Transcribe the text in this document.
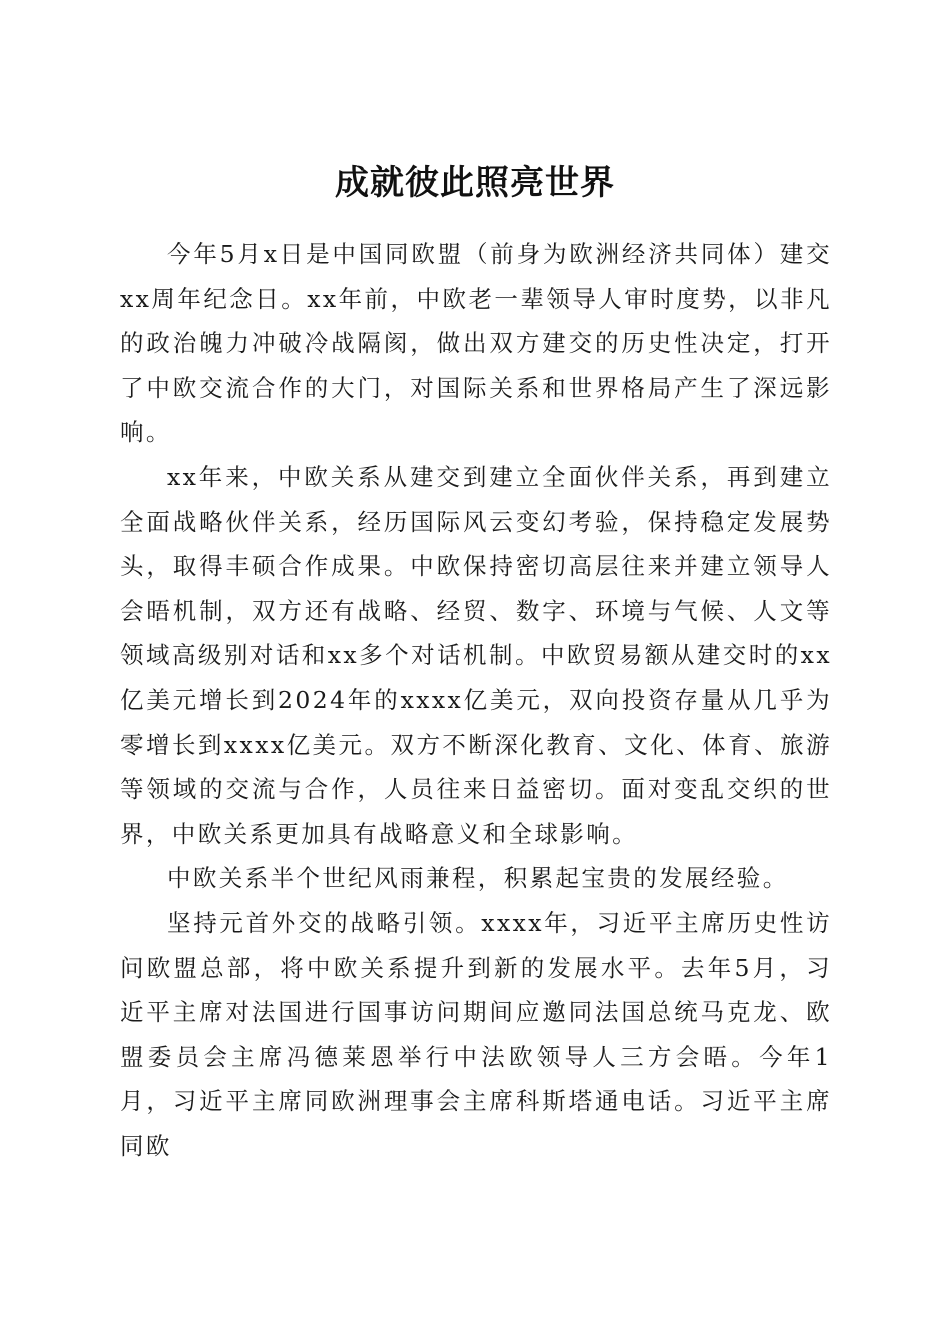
成就彼此照亮世界

今年5月x日是中国同欧盟（前身为欧洲经济共同体）建交xx周年纪念日。xx年前，中欧老一辈领导人审时度势，以非凡的政治魄力冲破冷战隔阂，做出双方建交的历史性决定，打开了中欧交流合作的大门，对国际关系和世界格局产生了深远影响。

xx年来，中欧关系从建交到建立全面伙伴关系，再到建立全面战略伙伴关系，经历国际风云变幻考验，保持稳定发展势头，取得丰硕合作成果。中欧保持密切高层往来并建立领导人会晤机制，双方还有战略、经贸、数字、环境与气候、人文等领域高级别对话和xx多个对话机制。中欧贸易额从建交时的xx亿美元增长到2024年的xxxx亿美元，双向投资存量从几乎为零增长到xxxx亿美元。双方不断深化教育、文化、体育、旅游等领域的交流与合作，人员往来日益密切。面对变乱交织的世界，中欧关系更加具有战略意义和全球影响。

中欧关系半个世纪风雨兼程，积累起宝贵的发展经验。

坚持元首外交的战略引领。xxxx年，习近平主席历史性访问欧盟总部，将中欧关系提升到新的发展水平。去年5月，习近平主席对法国进行国事访问期间应邀同法国总统马克龙、欧盟委员会主席冯德莱恩举行中法欧领导人三方会晤。今年1月，习近平主席同欧洲理事会主席科斯塔通电话。习近平主席同欧
